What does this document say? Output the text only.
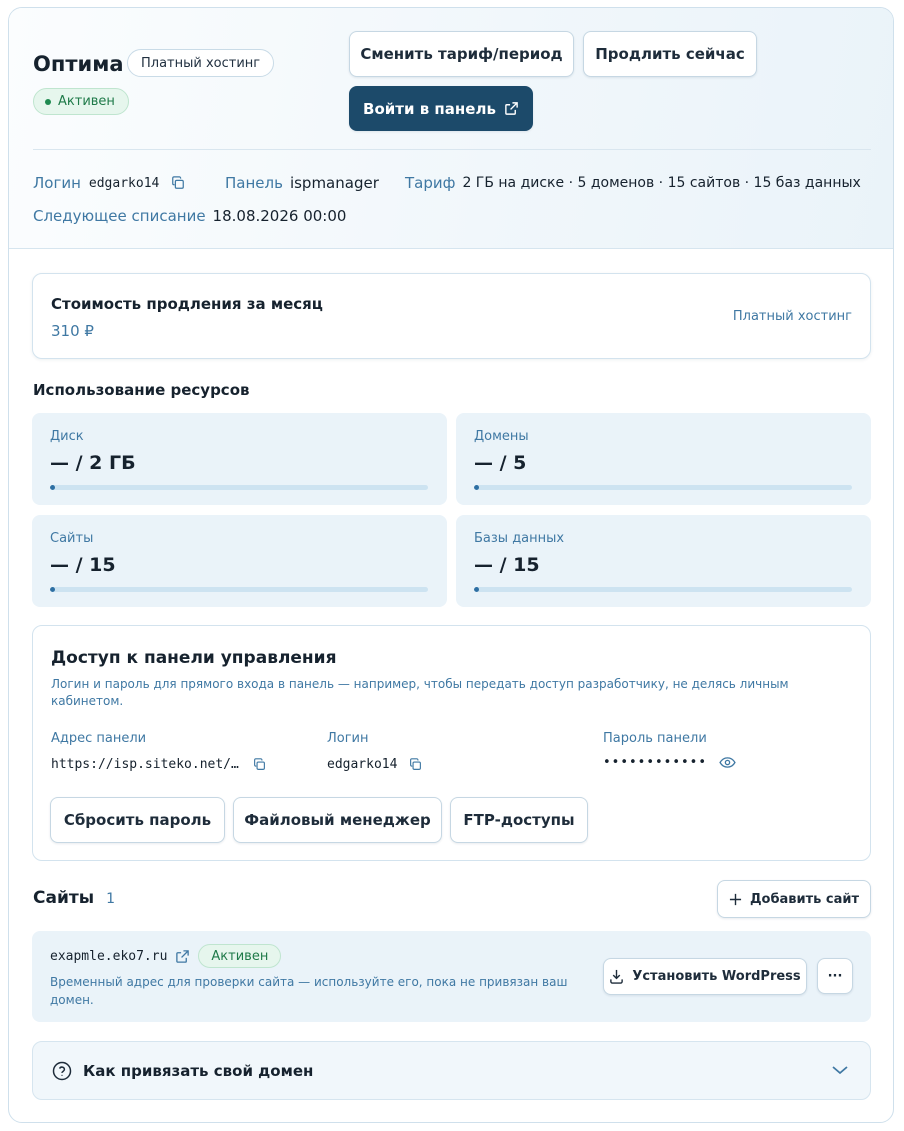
Оптима	Платный хостинг
Активен
Сменить тариф/период	Продлить сейчас
Войти в панель
Логин edgarko14	Панель ispmanager Тариф 2 ГБ на диске · 5 доменов · 15 сайтов · 15 баз данных
Следующее списание 18.08.2026 00:00
Стоимость продления за месяц
310 ₽
Платный хостинг
Использование ресурсов
Диск
— / 2 ГБ
Домены
— / 5
Сайты
— / 15
Базы данных
— / 15
Доступ к панели управления
Логин и пароль для прямого входа в панель — например, чтобы передать доступ разработчику, не делясь личным
кабинетом.
Адрес панели
https://isp.siteko.net/…
Логин
edgarko14
Пароль панели
••••••••••••
Сбросить пароль	Файловый менеджер	FTP-доступы
Сайты 1	Добавить сайт
exapmle.eko7.ru	Активен
Временный адрес для проверки сайта — используйте его, пока не привязан ваш
домен.
Установить WordPress	···
Как привязать свой домен
